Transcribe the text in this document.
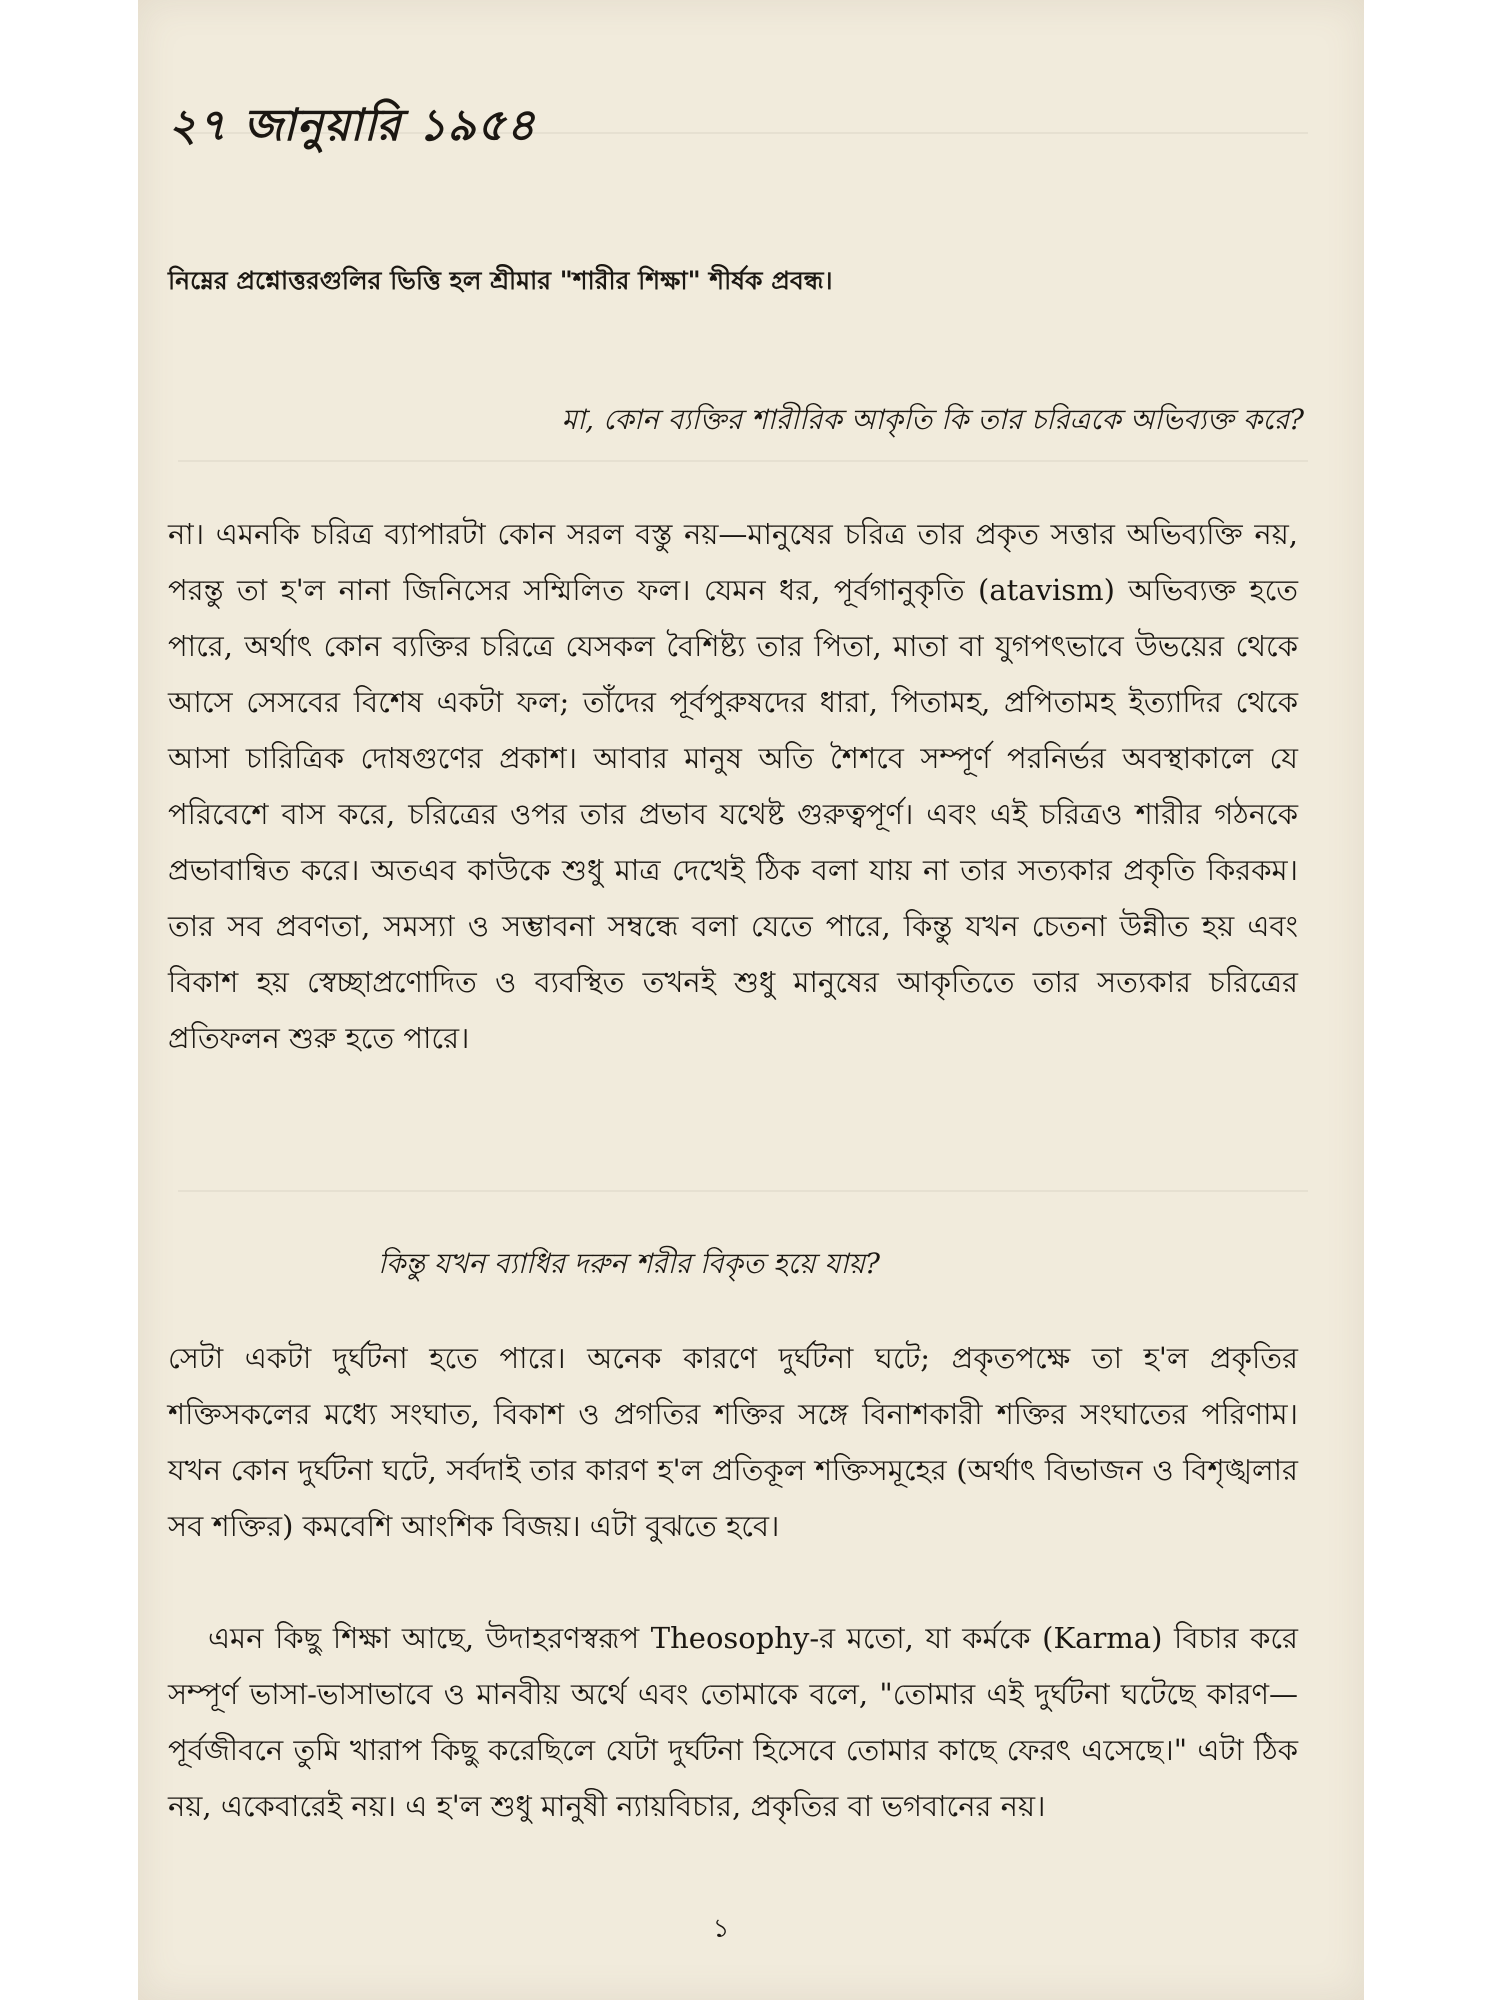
২৭ জানুয়ারি ১৯৫৪
নিম্নের প্রশ্নোত্তরগুলির ভিত্তি হল শ্রীমার "শারীর শিক্ষা" শীর্ষক প্রবন্ধ।
মা, কোন ব্যক্তির শারীরিক আকৃতি কি তার চরিত্রকে অভিব্যক্ত করে?
না। এমনকি চরিত্র ব্যাপারটা কোন সরল বস্তু নয়—মানুষের চরিত্র তার প্রকৃত সত্তার অভিব্যক্তি নয়, পরন্তু তা হ'ল নানা জিনিসের সম্মিলিত ফল। যেমন ধর, পূর্বগানুকৃতি (atavism) অভিব্যক্ত হতে পারে, অর্থাৎ কোন ব্যক্তির চরিত্রে যেসকল বৈশিষ্ট্য তার পিতা, মাতা বা যুগপৎভাবে উভয়ের থেকে আসে সেসবের বিশেষ একটা ফল; তাঁদের পূর্বপুরুষদের ধারা, পিতামহ, প্রপিতামহ ইত্যাদির থেকে আসা চারিত্রিক দোষগুণের প্রকাশ। আবার মানুষ অতি শৈশবে সম্পূর্ণ পরনির্ভর অবস্থাকালে যে পরিবেশে বাস করে, চরিত্রের ওপর তার প্রভাব যথেষ্ট গুরুত্বপূর্ণ। এবং এই চরিত্রও শারীর গঠনকে প্রভাবান্বিত করে। অতএব কাউকে শুধু মাত্র দেখেই ঠিক বলা যায় না তার সত্যকার প্রকৃতি কিরকম। তার সব প্রবণতা, সমস্যা ও সম্ভাবনা সম্বন্ধে বলা যেতে পারে, কিন্তু যখন চেতনা উন্নীত হয় এবং বিকাশ হয় স্বেচ্ছাপ্রণোদিত ও ব্যবস্থিত তখনই শুধু মানুষের আকৃতিতে তার সত্যকার চরিত্রের প্রতিফলন শুরু হতে পারে।
কিন্তু যখন ব্যাধির দরুন শরীর বিকৃত হয়ে যায়?
সেটা একটা দুর্ঘটনা হতে পারে। অনেক কারণে দুর্ঘটনা ঘটে; প্রকৃতপক্ষে তা হ'ল প্রকৃতির শক্তিসকলের মধ্যে সংঘাত, বিকাশ ও প্রগতির শক্তির সঙ্গে বিনাশকারী শক্তির সংঘাতের পরিণাম। যখন কোন দুর্ঘটনা ঘটে, সর্বদাই তার কারণ হ'ল প্রতিকূল শক্তিসমূহের (অর্থাৎ বিভাজন ও বিশৃঙ্খলার সব শক্তির) কমবেশি আংশিক বিজয়। এটা বুঝতে হবে।
এমন কিছু শিক্ষা আছে, উদাহরণস্বরূপ Theosophy-র মতো, যা কর্মকে (Karma) বিচার করে সম্পূর্ণ ভাসা-ভাসাভাবে ও মানবীয় অর্থে এবং তোমাকে বলে, "তোমার এই দুর্ঘটনা ঘটেছে কারণ—পূর্বজীবনে তুমি খারাপ কিছু করেছিলে যেটা দুর্ঘটনা হিসেবে তোমার কাছে ফেরৎ এসেছে।" এটা ঠিক নয়, একেবারেই নয়। এ হ'ল শুধু মানুষী ন্যায়বিচার, প্রকৃতির বা ভগবানের নয়।
১
